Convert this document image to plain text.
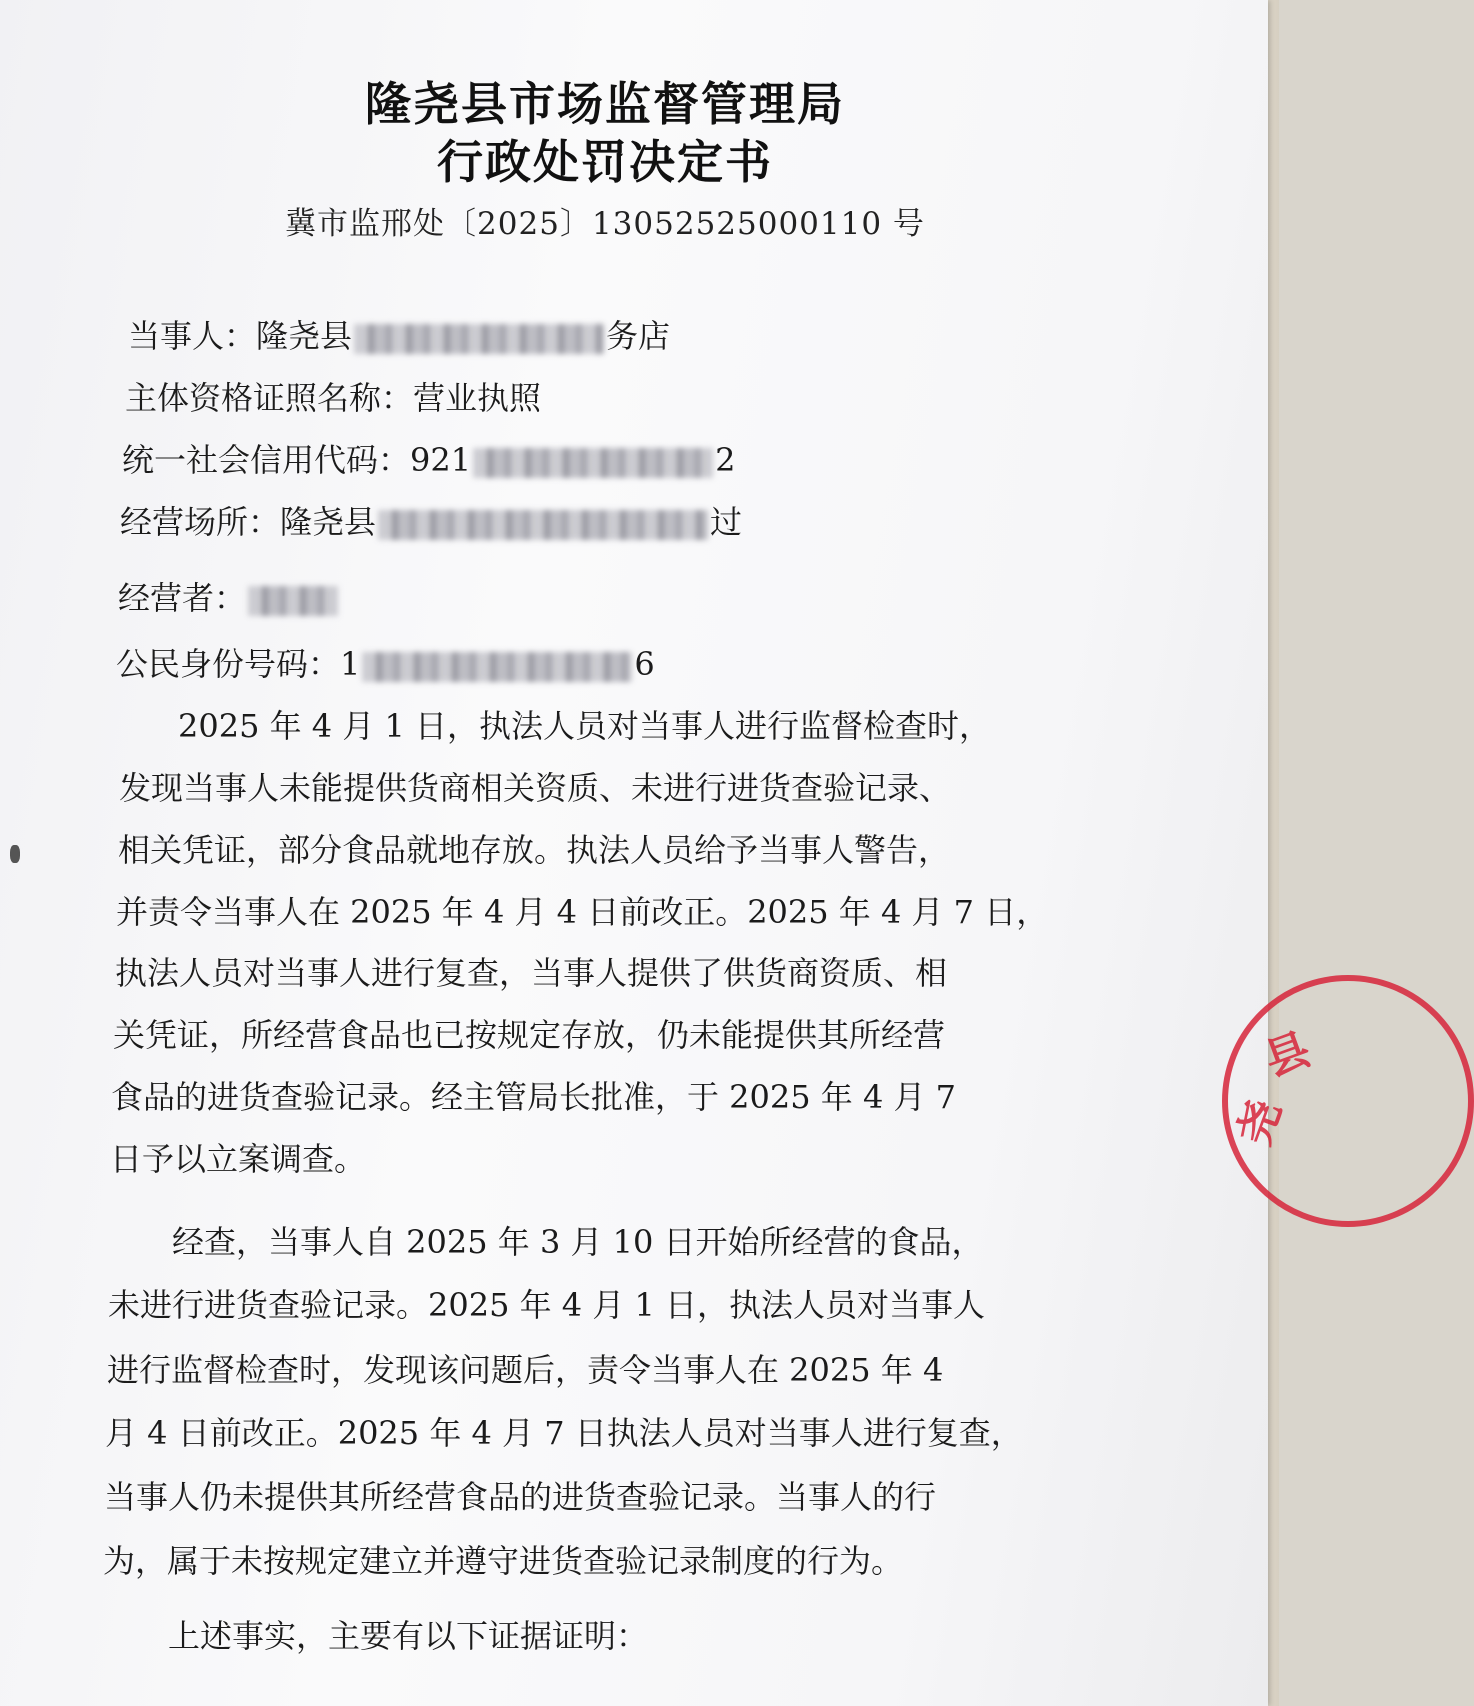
隆尧县市场监督管理局
行政处罚决定书
冀市监邢处〔2025〕13052525000110 号
当事人：隆尧县	务店
主体资格证照名称：营业执照
统一社会信用代码：921	2
经营场所：隆尧县	过
经营者：
公民身份号码：1	6
2025 年 4 月 1 日，执法人员对当事人进行监督检查时，
发现当事人未能提供货商相关资质、未进行进货查验记录、
相关凭证，部分食品就地存放。执法人员给予当事人警告，
并责令当事人在 2025 年 4 月 4 日前改正。2025 年 4 月 7 日，
执法人员对当事人进行复查，当事人提供了供货商资质、相
关凭证，所经营食品也已按规定存放，仍未能提供其所经营
食品的进货查验记录。经主管局长批准，于 2025 年 4 月 7
日予以立案调查。
经查，当事人自 2025 年 3 月 10 日开始所经营的食品，
未进行进货查验记录。2025 年 4 月 1 日，执法人员对当事人
进行监督检查时，发现该问题后，责令当事人在 2025 年 4
月 4 日前改正。2025 年 4 月 7 日执法人员对当事人进行复查，
当事人仍未提供其所经营食品的进货查验记录。当事人的行
为，属于未按规定建立并遵守进货查验记录制度的行为。
上述事实，主要有以下证据证明：
县
尧
